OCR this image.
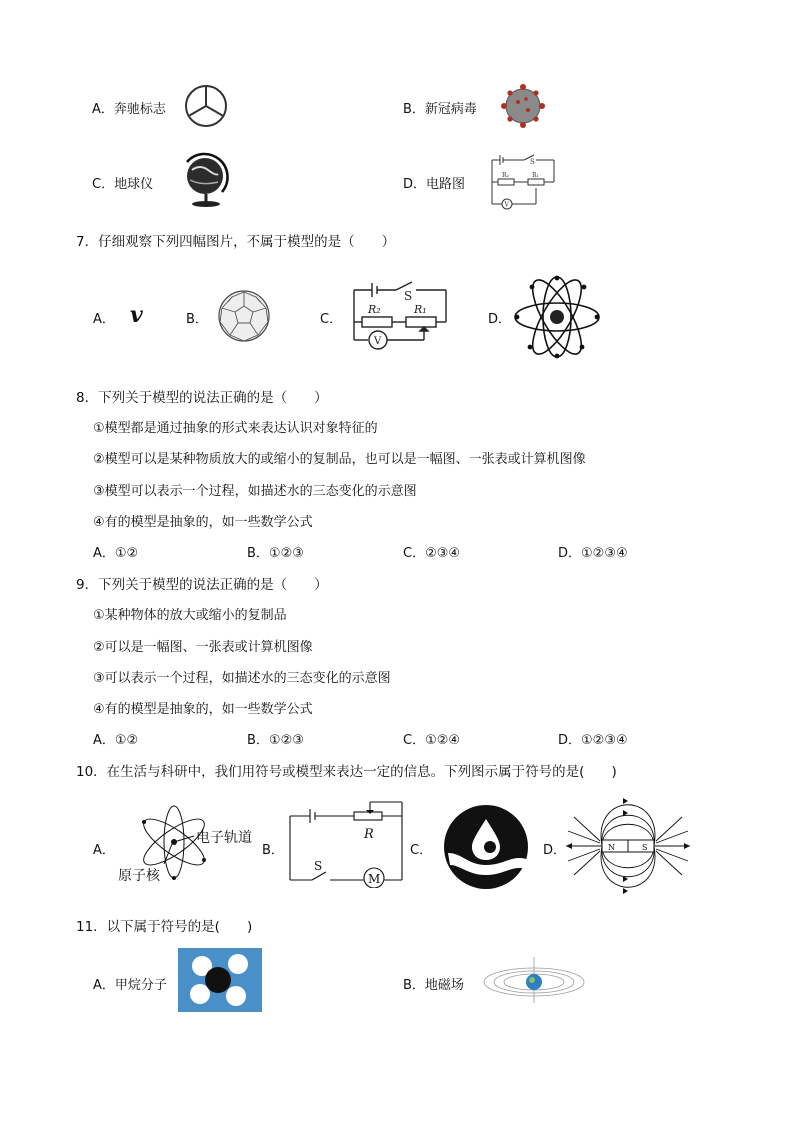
A．奔驰标志	B．新冠病毒
C．地球仪	D．电路图
S
R₂	R₁
V
7．仔细观察下列四幅图片，不属于模型的是（　　）
A． v	B．	C．
S
R₂	R₁
V
D．
8．下列关于模型的说法正确的是（　　）
①模型都是通过抽象的形式来表达认识对象特征的
②模型可以是某种物质放大的或缩小的复制品，也可以是一幅图、一张表或计算机图像
③模型可以表示一个过程，如描述水的三态变化的示意图
④有的模型是抽象的，如一些数学公式
A．①②	B．①②③	C．②③④	D．①②③④
9．下列关于模型的说法正确的是（　　）
①某种物体的放大或缩小的复制品
②可以是一幅图、一张表或计算机图像
③可以表示一个过程，如描述水的三态变化的示意图
④有的模型是抽象的，如一些数学公式
A．①②	B．①②③	C．①②④	D．①②③④
10．在生活与科研中，我们用符号或模型来表达一定的信息。下列图示属于符号的是(　　)
A．
电子轨道
原子核
B．
R
S
M
C．	D．	N	S
11．以下属于符号的是(　　)
A．甲烷分子	B．地磁场
